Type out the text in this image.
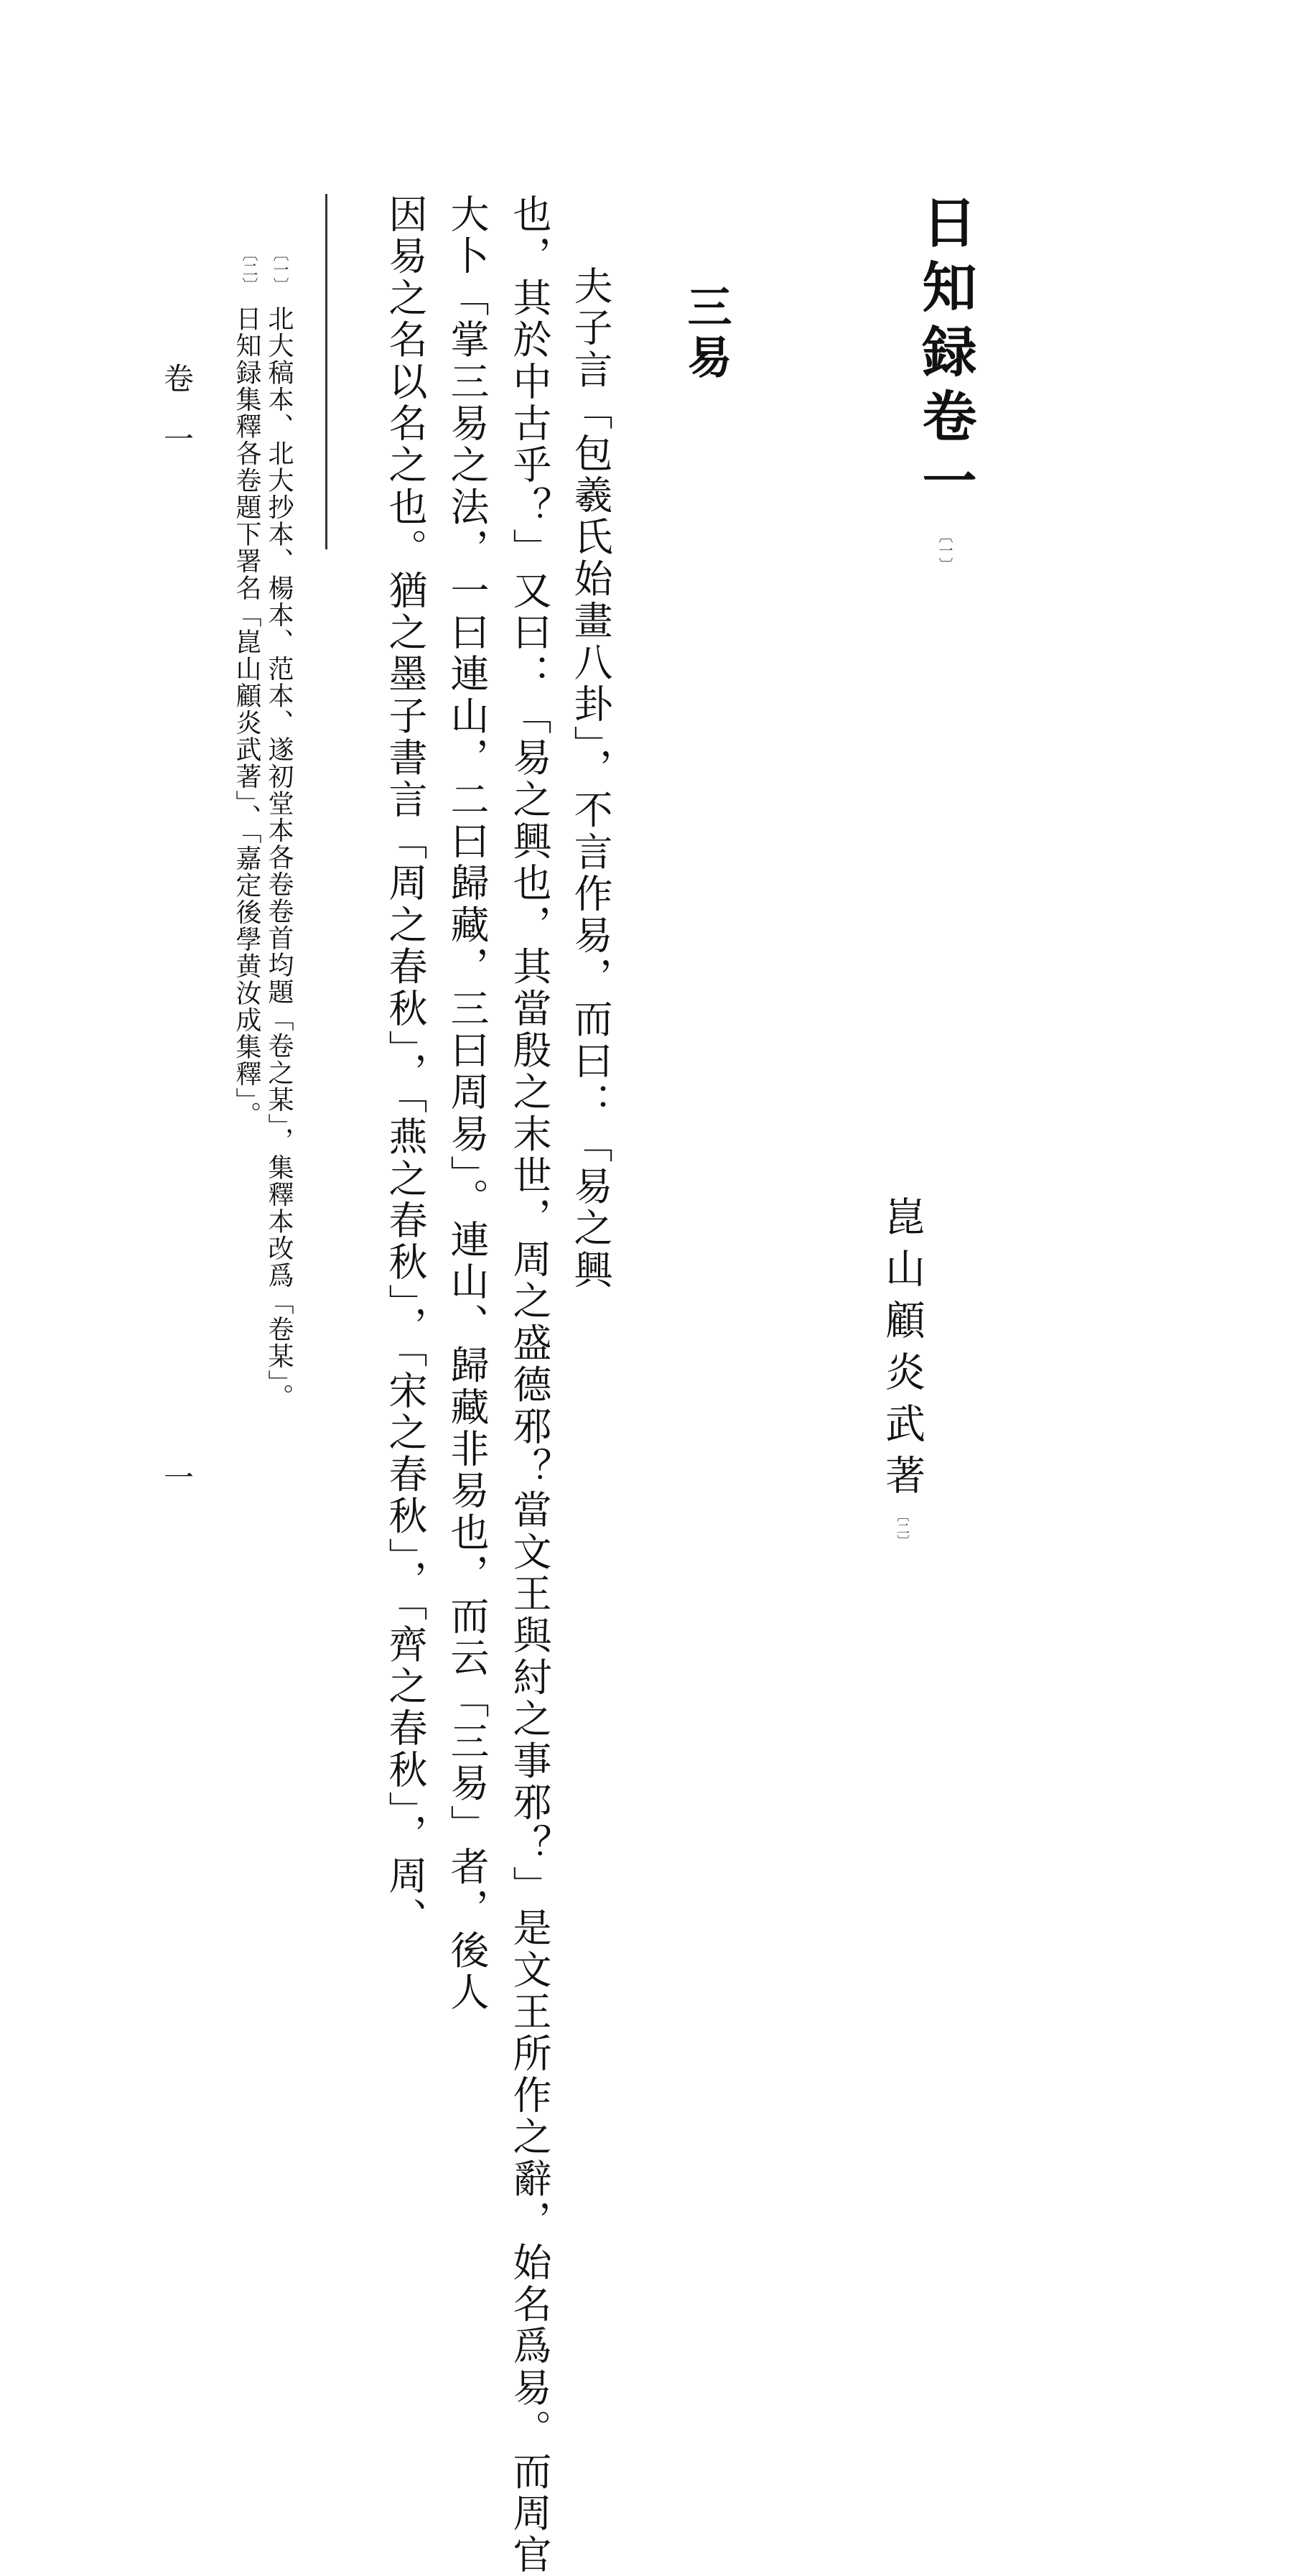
日知録卷一〔一〕
崑山顧炎武著〔二〕
三易
夫子言「包羲氏始畫八卦」，不言作易，而曰：「易之興
也，其於中古乎？」又曰：「易之興也，其當殷之末世，周之盛德邪？當文王與紂之事邪？」是文王所作之辭，始名爲易。而周官
大卜「掌三易之法，一曰連山，二曰歸藏，三曰周易」。連山、歸藏非易也，而云「三易」者，後人
因易之名以名之也。猶之墨子書言「周之春秋」，「燕之春秋」，「宋之春秋」，「齊之春秋」，周、
〔一〕
北大稿本、北大抄本、楊本、范本、遂初堂本各卷卷首均題「卷之某」，集釋本改爲「卷某」。
〔二〕
日知録集釋各卷題下署名「崑山顧炎武著」、「嘉定後學黄汝成集釋」。
卷一
一
